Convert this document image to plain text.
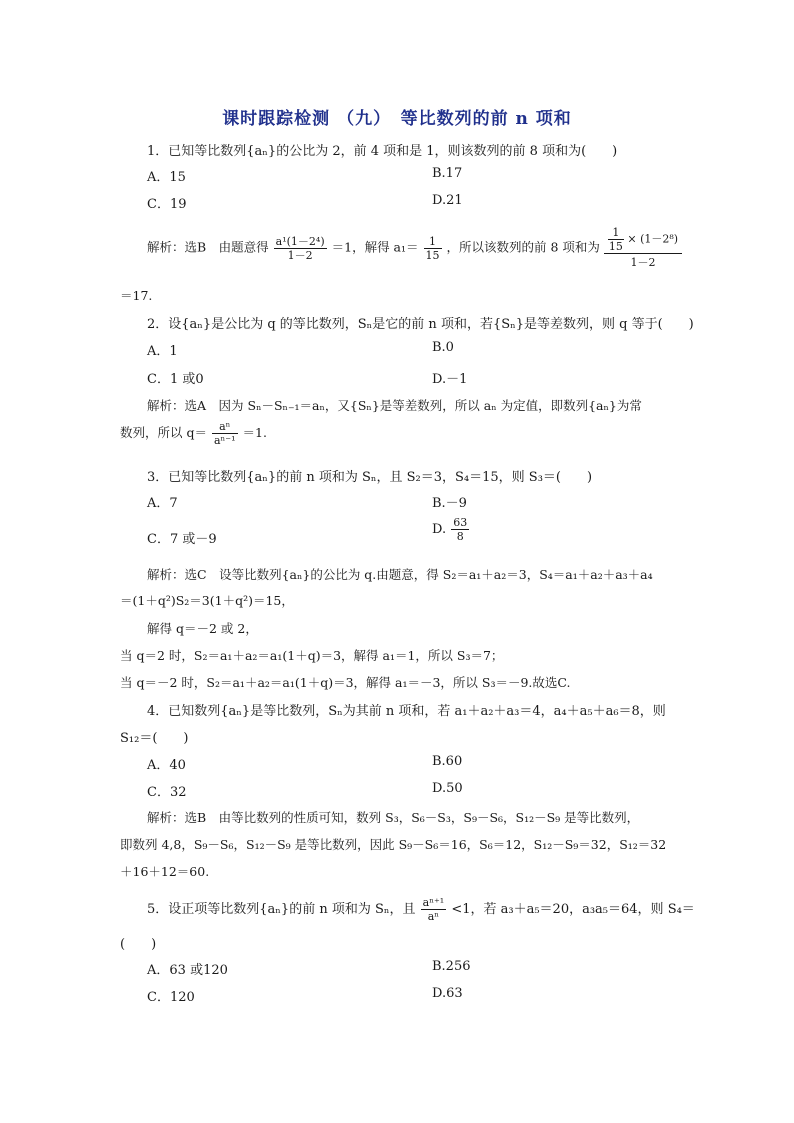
课时跟踪检测 （九）　等比数列的前 n 项和
1．已知等比数列{aₙ}的公比为 2，前 4 项和是 1，则该数列的前 8 项和为(　　)
A．15	B.17
C．19	D.21
解析：选B　由题意得 $\frac{\text{a¹(1－2⁴)}}{1-2} =1$，解得 $a_1= \frac{1}{15}$ ，所以该数列的前 8 项和为 $\frac{\frac{1}{15} \times (1-2^8)}{1-2}$
＝17.
2．设{aₙ}是公比为 q 的等比数列，Sₙ是它的前 n 项和，若{Sₙ}是等差数列，则 q 等于(　　)
A．1	B.0
C．1 或0	D.－1
解析：选A　因为 Sₙ－Sₙ₋₁＝aₙ，又{Sₙ}是等差数列，所以 aₙ 为定值，即数列{aₙ}为常
数列，所以 $q= \frac{\text{aⁿ}}{\text{aⁿ⁻¹}} =1$.
3．已知等比数列{aₙ}的前 n 项和为 Sₙ，且 S₂＝3，S₄＝15，则 S₃＝(　　)
A．7	B.－9
C．7 或－9
D. $\frac{63}{8}$
解析：选C　设等比数列{aₙ}的公比为 q.由题意，得 S₂＝a₁＋a₂＝3，S₄＝a₁＋a₂＋a₃＋a₄
＝(1＋q²)S₂＝3(1＋q²)＝15，
解得 q＝－2 或 2，
当 q＝2 时，S₂＝a₁＋a₂＝a₁(1＋q)＝3，解得 a₁＝1，所以 S₃＝7；
当 q＝－2 时，S₂＝a₁＋a₂＝a₁(1＋q)＝3，解得 a₁＝－3，所以 S₃＝－9.故选C.
4．已知数列{aₙ}是等比数列，Sₙ为其前 n 项和，若 a₁＋a₂＋a₃＝4，a₄＋a₅＋a₆＝8，则
S₁₂＝(　　)
A．40	B.60
C．32	D.50
解析：选B　由等比数列的性质可知，数列 S₃，S₆－S₃，S₉－S₆，S₁₂－S₉ 是等比数列，
即数列 4,8，S₉－S₆，S₁₂－S₉ 是等比数列，因此 S₉－S₆＝16，S₆＝12，S₁₂－S₉＝32，S₁₂＝32
＋16＋12＝60.
5．设正项等比数列{aₙ}的前 n 项和为 Sₙ，且 $\frac{\text{aⁿ⁺¹}}{\text{aⁿ}} <1$，若 a₃＋a₅＝20，a₃a₅＝64，则 S₄＝
(　　)
A．63 或120	B.256
C．120	D.63
